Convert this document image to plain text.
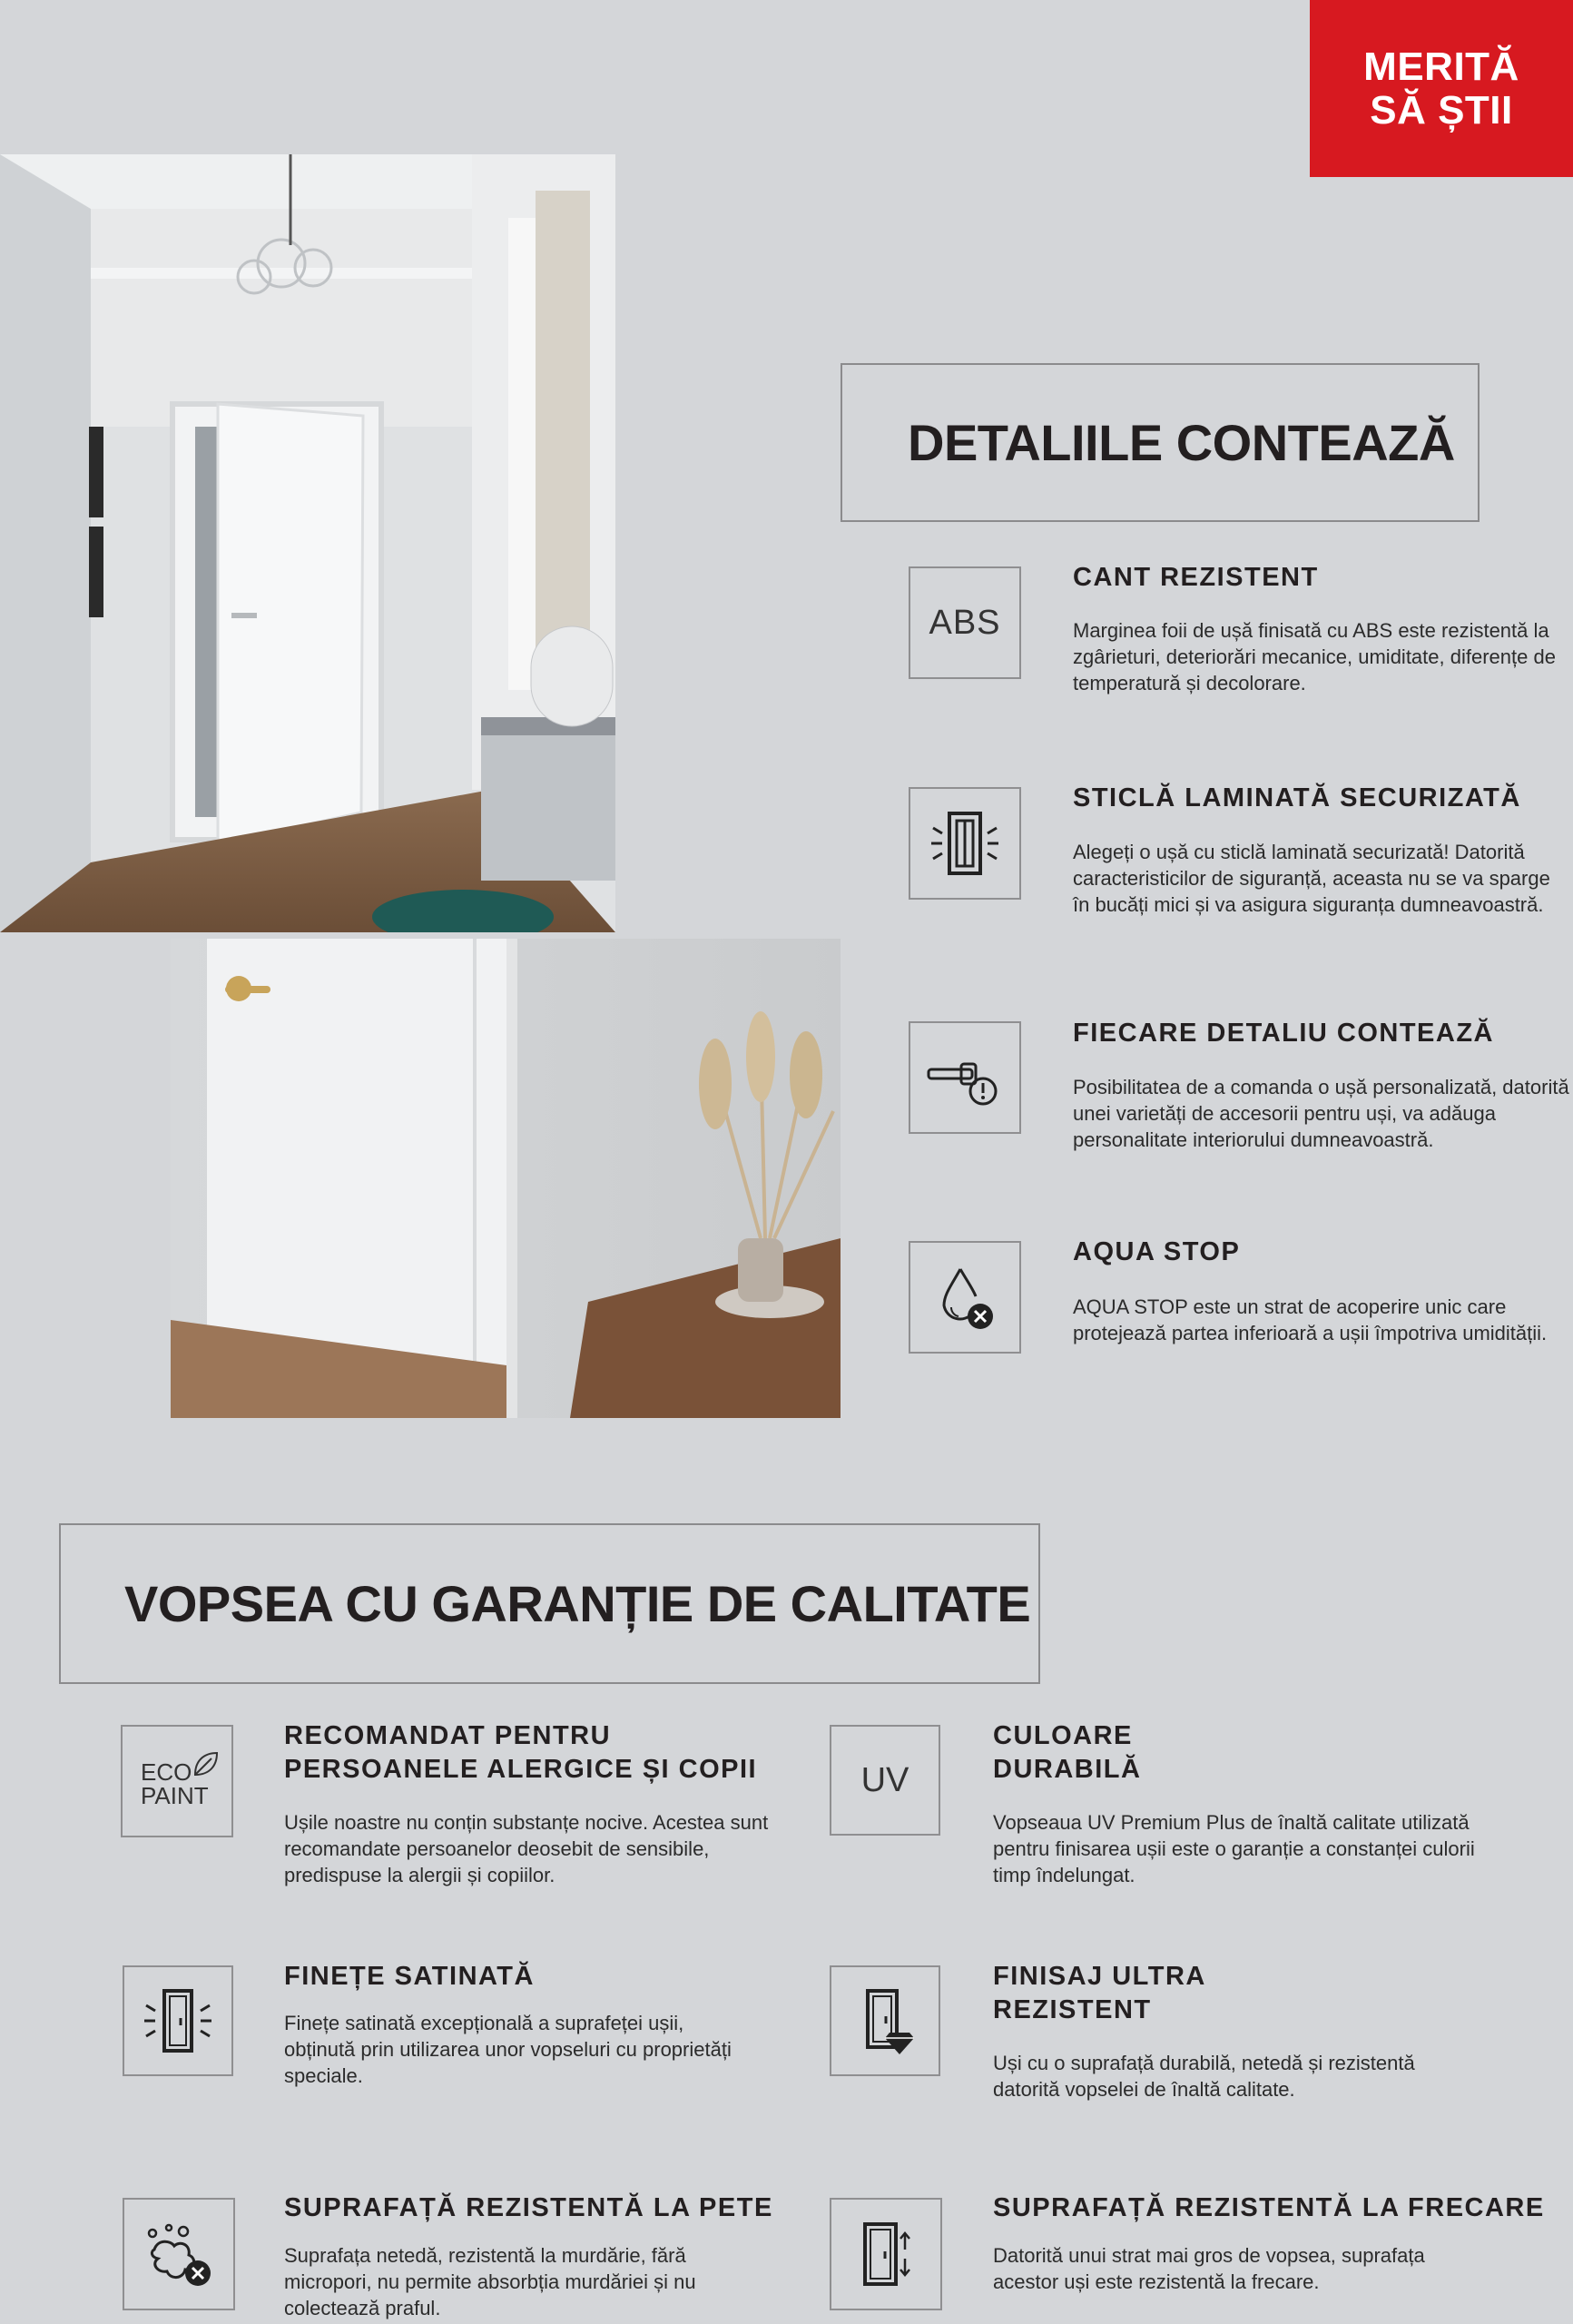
MERITĂ
SĂ ȘTII
DETALIILE CONTEAZĂ
ABS
CANT REZISTENT

Marginea foii de ușă finisată cu ABS este rezistentă la zgârieturi, deteriorări mecanice, umiditate, diferențe de temperatură și decolorare.

STICLĂ LAMINATĂ SECURIZATĂ

Alegeți o ușă cu sticlă laminată securizată! Datorită caracteristicilor de siguranță, aceasta nu se va sparge în bucăți mici și va asigura siguranța dumneavoastră.

FIECARE DETALIU CONTEAZĂ

Posibilitatea de a comanda o ușă personalizată, datorită unei varietăți de accesorii pentru uși, va adăuga personalitate interiorului dumneavoastră.

AQUA STOP

AQUA STOP este un strat de acoperire unic care protejează partea inferioară a ușii împotriva umidității.

VOPSEA CU GARANȚIE DE CALITATE
ECO
PAINT
RECOMANDAT PENTRU
PERSOANELE ALERGICE ȘI COPII

Ușile noastre nu conțin substanțe nocive. Acestea sunt recomandate persoanelor deosebit de sensibile, predispuse la alergii și copiilor.

UV
CULOARE
DURABILĂ

Vopseaua UV Premium Plus de înaltă calitate utilizată pentru finisarea ușii este o garanție a constanței culorii timp îndelungat.

FINEȚE SATINATĂ

Finețe satinată excepțională a suprafeței ușii, obținută prin utilizarea unor vopseluri cu proprietăți speciale.

FINISAJ ULTRA
REZISTENT

Uși cu o suprafață durabilă, netedă și rezistentă datorită vopselei de înaltă calitate.

SUPRAFAȚĂ REZISTENTĂ LA PETE

Suprafața netedă, rezistentă la murdărie, fără micropori, nu permite absorbția murdăriei și nu colectează praful.

SUPRAFAȚĂ REZISTENTĂ LA FRECARE

Datorită unui strat mai gros de vopsea, suprafața acestor uși este rezistentă la frecare.
